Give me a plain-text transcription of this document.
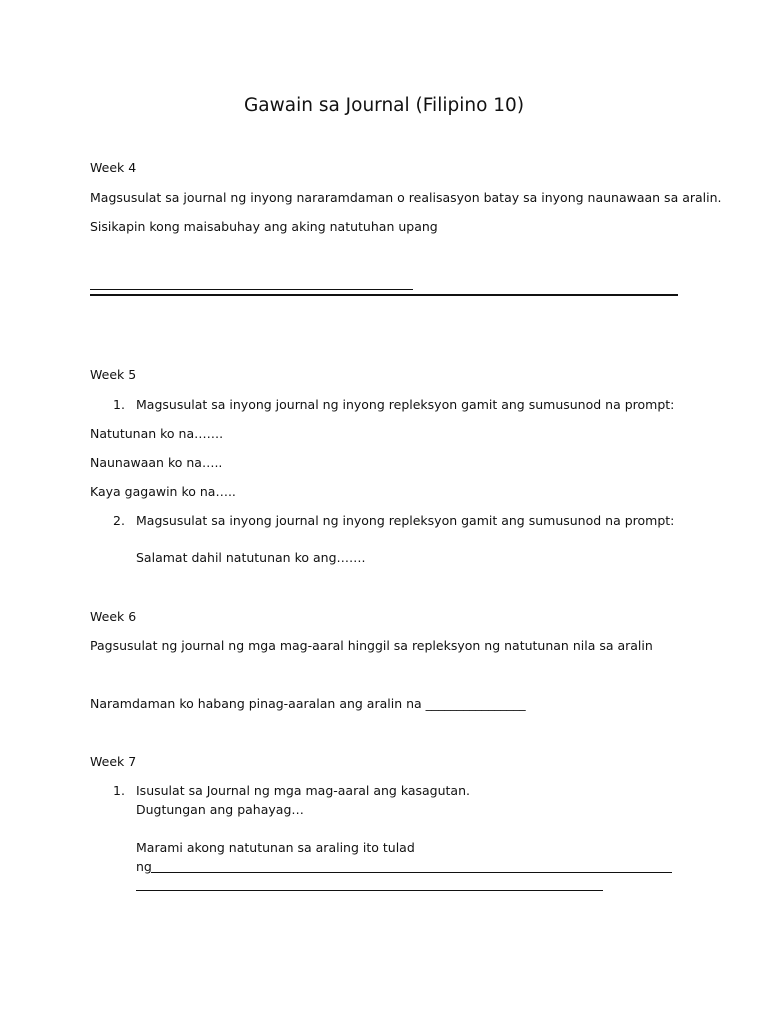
Gawain sa Journal (Filipino 10)
Week 4
Magsusulat sa journal ng inyong nararamdaman o realisasyon batay sa inyong naunawaan sa aralin.
Sisikapin kong maisabuhay ang aking natutuhan upang
Week 5
1. Magsusulat sa inyong journal ng inyong repleksyon gamit ang sumusunod na prompt:
Natutunan ko na…….
Naunawaan ko na…..
Kaya gagawin ko na…..
2. Magsusulat sa inyong journal ng inyong repleksyon gamit ang sumusunod na prompt:
Salamat dahil natutunan ko ang…….
Week 6
Pagsusulat ng journal ng mga mag-aaral hinggil sa repleksyon ng natutunan nila sa aralin
Naramdaman ko habang pinag-aaralan ang aralin na ________________
Week 7
1. Isusulat sa Journal ng mga mag-aaral ang kasagutan.
Dugtungan ang pahayag…
Marami akong natutunan sa araling ito tulad
ng
